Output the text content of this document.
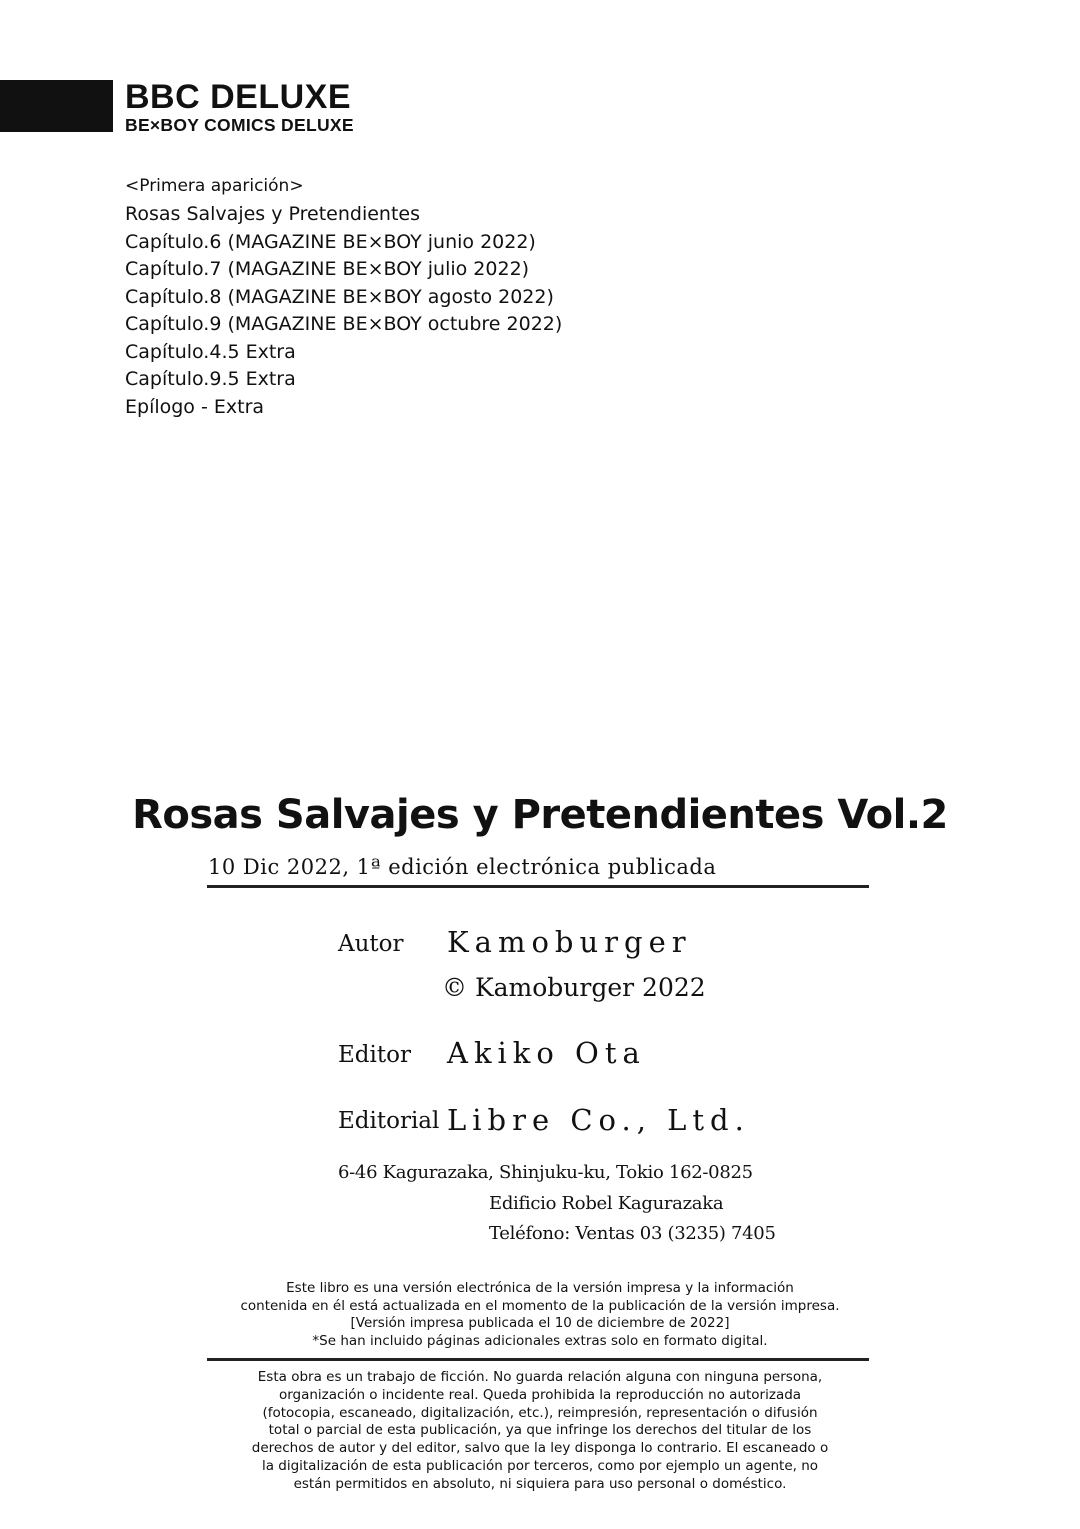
BBC DELUXE
BE×BOY COMICS DELUXE
<Primera aparición>
Rosas Salvajes y Pretendientes
Capítulo.6 (MAGAZINE BE×BOY junio 2022)
Capítulo.7 (MAGAZINE BE×BOY julio 2022)
Capítulo.8 (MAGAZINE BE×BOY agosto 2022)
Capítulo.9 (MAGAZINE BE×BOY octubre 2022)
Capítulo.4.5 Extra
Capítulo.9.5 Extra
Epílogo - Extra
Rosas Salvajes y Pretendientes Vol.2
10 Dic 2022, 1ª edición electrónica publicada
Autor Kamoburger
© Kamoburger 2022
Editor Akiko Ota
Editorial Libre Co., Ltd.
6-46 Kagurazaka, Shinjuku-ku, Tokio 162-0825
Edificio Robel Kagurazaka
Teléfono: Ventas 03 (3235) 7405
Este libro es una versión electrónica de la versión impresa y la información
contenida en él está actualizada en el momento de la publicación de la versión impresa.
[Versión impresa publicada el 10 de diciembre de 2022]
*Se han incluido páginas adicionales extras solo en formato digital.
Esta obra es un trabajo de ficción. No guarda relación alguna con ninguna persona,
organización o incidente real. Queda prohibida la reproducción no autorizada
(fotocopia, escaneado, digitalización, etc.), reimpresión, representación o difusión
total o parcial de esta publicación, ya que infringe los derechos del titular de los
derechos de autor y del editor, salvo que la ley disponga lo contrario. El escaneado o
la digitalización de esta publicación por terceros, como por ejemplo un agente, no
están permitidos en absoluto, ni siquiera para uso personal o doméstico.
